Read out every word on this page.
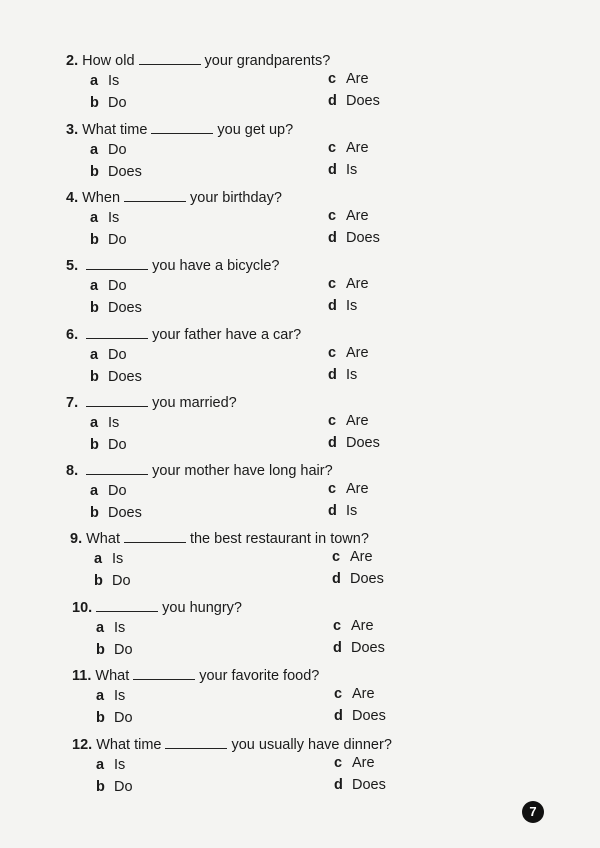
2. How old	your grandparents?
a Is
b Do
c Are
d Does
3. What time	you get up?
a Do
b Does
c Are
d Is
4. When	your birthday?
a Is
b Do
c Are
d Does
5.	you have a bicycle?
a Do
b Does
c Are
d Is
6.	your father have a car?
a Do
b Does
c Are
d Is
7.	you married?
a Is
b Do
c Are
d Does
8.	your mother have long hair?
a Do
b Does
c Are
d Is
9. What	the best restaurant in town?
a Is
b Do
c Are
d Does
10.	you hungry?
a Is
b Do
c Are
d Does
11. What	your favorite food?
a Is
b Do
c Are
d Does
12. What time	you usually have dinner?
a Is
b Do
c Are
d Does
7
